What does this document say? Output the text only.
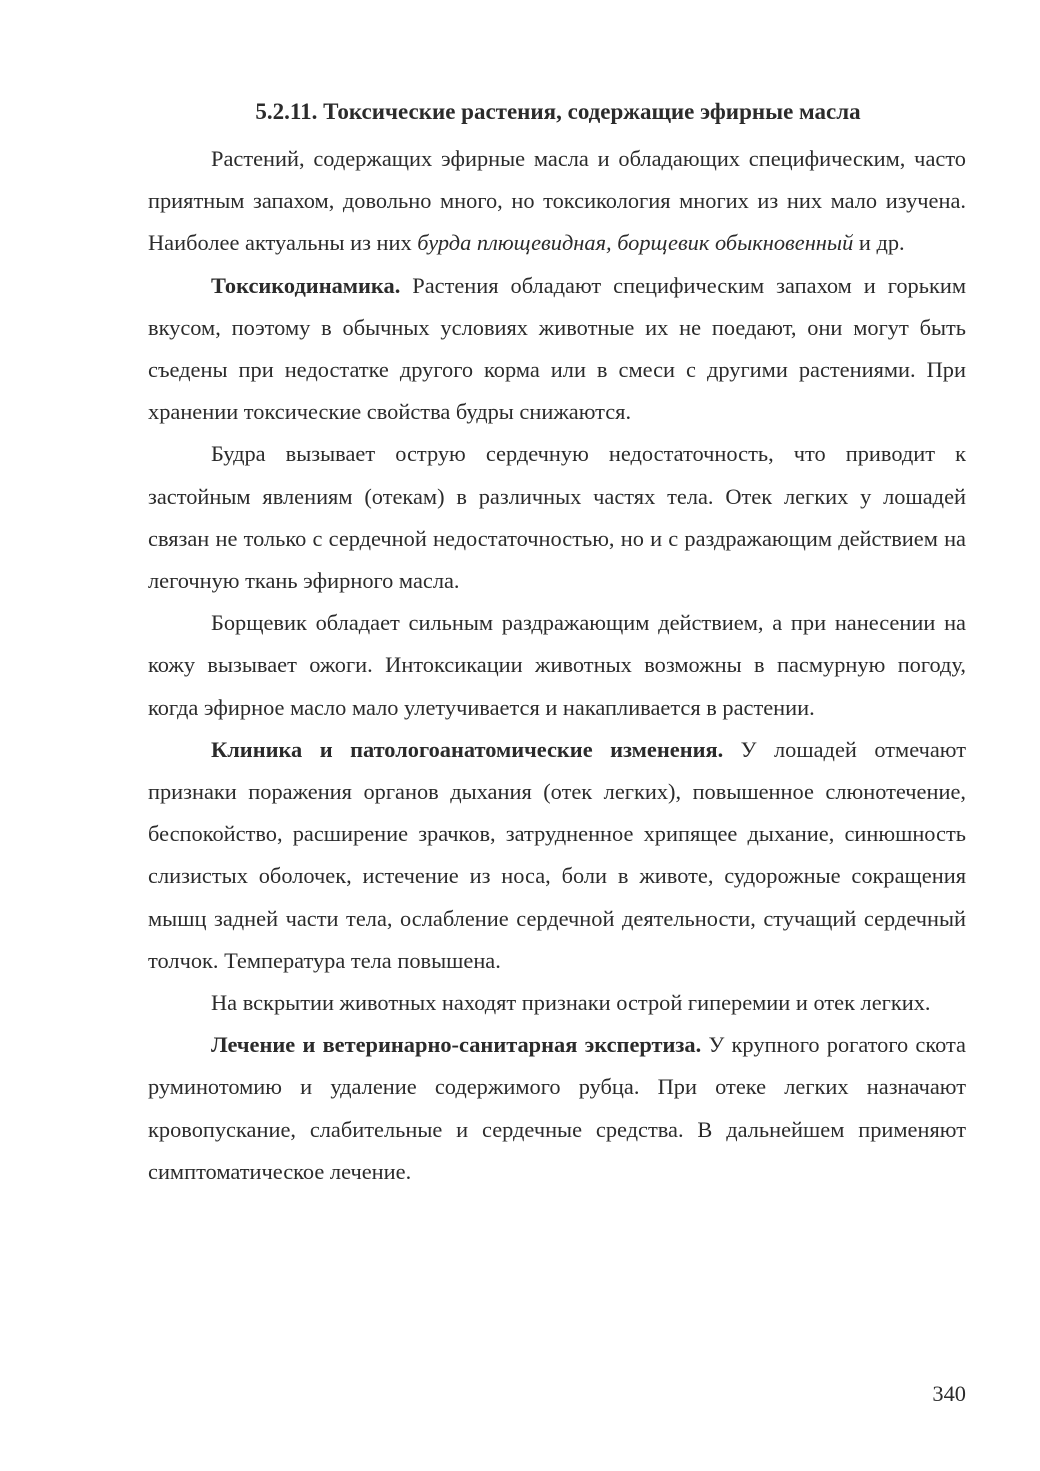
5.2.11. Токсические растения, содержащие эфирные масла

Растений, содержащих эфирные масла и обладающих специфическим, часто приятным запахом, довольно много, но токсикология многих из них мало изучена. Наиболее актуальны из них бурда плющевидная, борщевик обыкновенный и др.

Токсикодинамика. Растения обладают специфическим запахом и горьким вкусом, поэтому в обычных условиях животные их не поедают, они могут быть съедены при недостатке другого корма или в смеси с другими растениями. При хранении токсические свойства будры снижаются.

Будра вызывает острую сердечную недостаточность, что приводит к застойным явлениям (отекам) в различных частях тела. Отек легких у лошадей связан не только с сердечной недостаточностью, но и с раздражающим действием на легочную ткань эфирного масла.

Борщевик обладает сильным раздражающим действием, а при нанесении на кожу вызывает ожоги. Интоксикации животных возможны в пасмурную погоду, когда эфирное масло мало улетучивается и накапливается в растении.

Клиника и патологоанатомические изменения. У лошадей отмечают признаки поражения органов дыхания (отек легких), повышенное слюнотечение, беспокойство, расширение зрачков, затрудненное хрипящее дыхание, синюшность слизистых оболочек, истечение из носа, боли в животе, судорожные сокращения мышц задней части тела, ослабление сердечной деятельности, стучащий сердечный толчок. Температура тела повышена.

На вскрытии животных находят признаки острой гиперемии и отек легких.

Лечение и ветеринарно-санитарная экспертиза. У крупного рогатого скота руминотомию и удаление содержимого рубца. При отеке легких назначают кровопускание, слабительные и сердечные средства. В дальнейшем применяют симптоматическое лечение.

340
